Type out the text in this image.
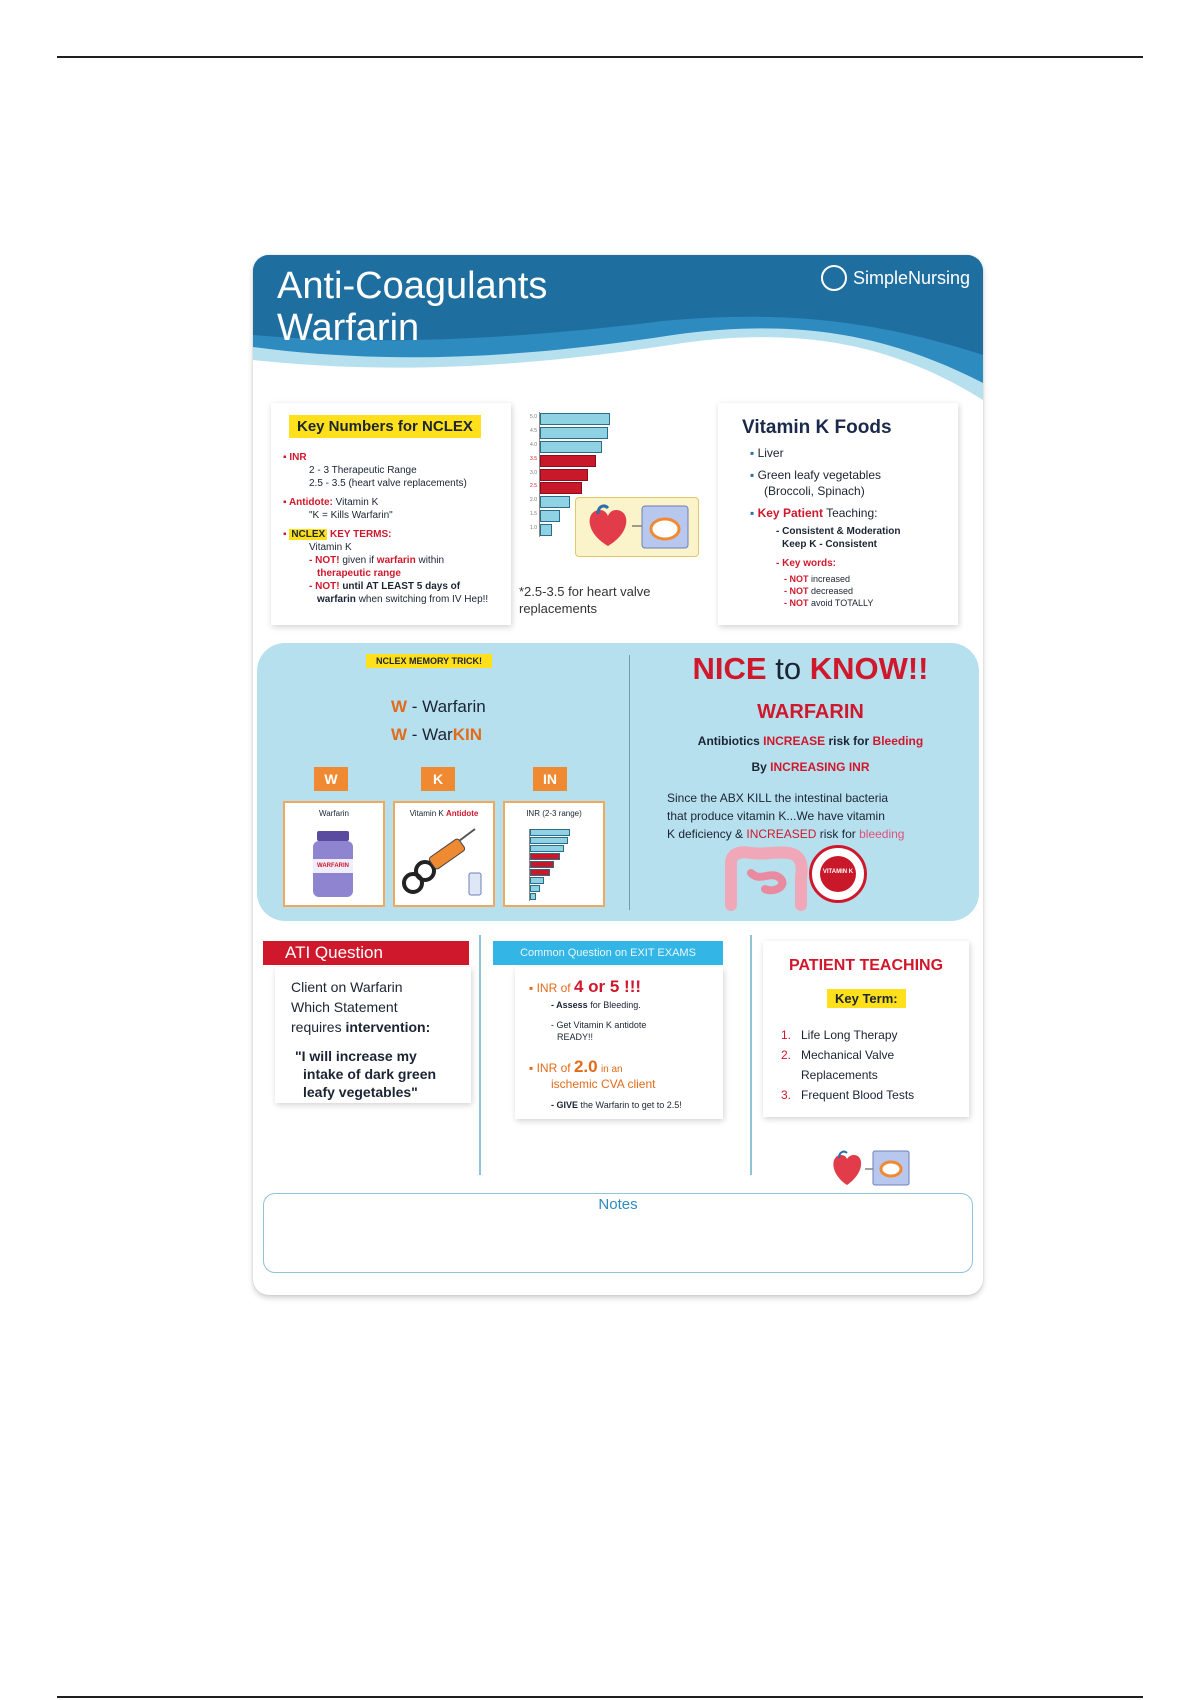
Anti-Coagulants
Warfarin
SimpleNursing
Key Numbers for NCLEX
▪ INR
2 - 3 Therapeutic Range
2.5 - 3.5 (heart valve replacements)
▪ Antidote: Vitamin K
"K = Kills Warfarin"
▪ NCLEX KEY TERMS:
Vitamin K
- NOT! given if warfarin within
therapeutic range
- NOT! until AT LEAST 5 days of
warfarin when switching from IV Hep!!
5.0
4.5
4.0
3.5
3.0
2.5
2.0
1.5
1.0
*2.5-3.5 for heart valve
replacements
Vitamin K Foods
▪ Liver
▪ Green leafy vegetables
(Broccoli, Spinach)
▪ Key Patient Teaching:
- Consistent & Moderation
Keep K - Consistent
- Key words:
- NOT increased
- NOT decreased
- NOT avoid TOTALLY
NCLEX MEMORY TRICK!
W - Warfarin
W - WarKIN
W	K	IN
Warfarin
WARFARIN
Vitamin K Antidote	INR (2-3 range)
NICE to KNOW!!
WARFARIN
Antibiotics INCREASE risk for Bleeding
By INCREASING INR
Since the ABX KILL the intestinal bacteria
that produce vitamin K...We have vitamin
K deficiency & INCREASED risk for bleeding
VITAMIN K
ATI Question
Client on Warfarin
Which Statement
requires intervention:
"I will increase my
intake of dark green
leafy vegetables"
Common Question on EXIT EXAMS
▪ INR of 4 or 5 !!!
- Assess for Bleeding.
- Get Vitamin K antidote
READY!!
▪ INR of 2.0 in an
ischemic CVA client
- GIVE the Warfarin to get to 2.5!
PATIENT TEACHING
Key Term:
1. Life Long Therapy
2. Mechanical Valve
Replacements
3. Frequent Blood Tests
Notes
